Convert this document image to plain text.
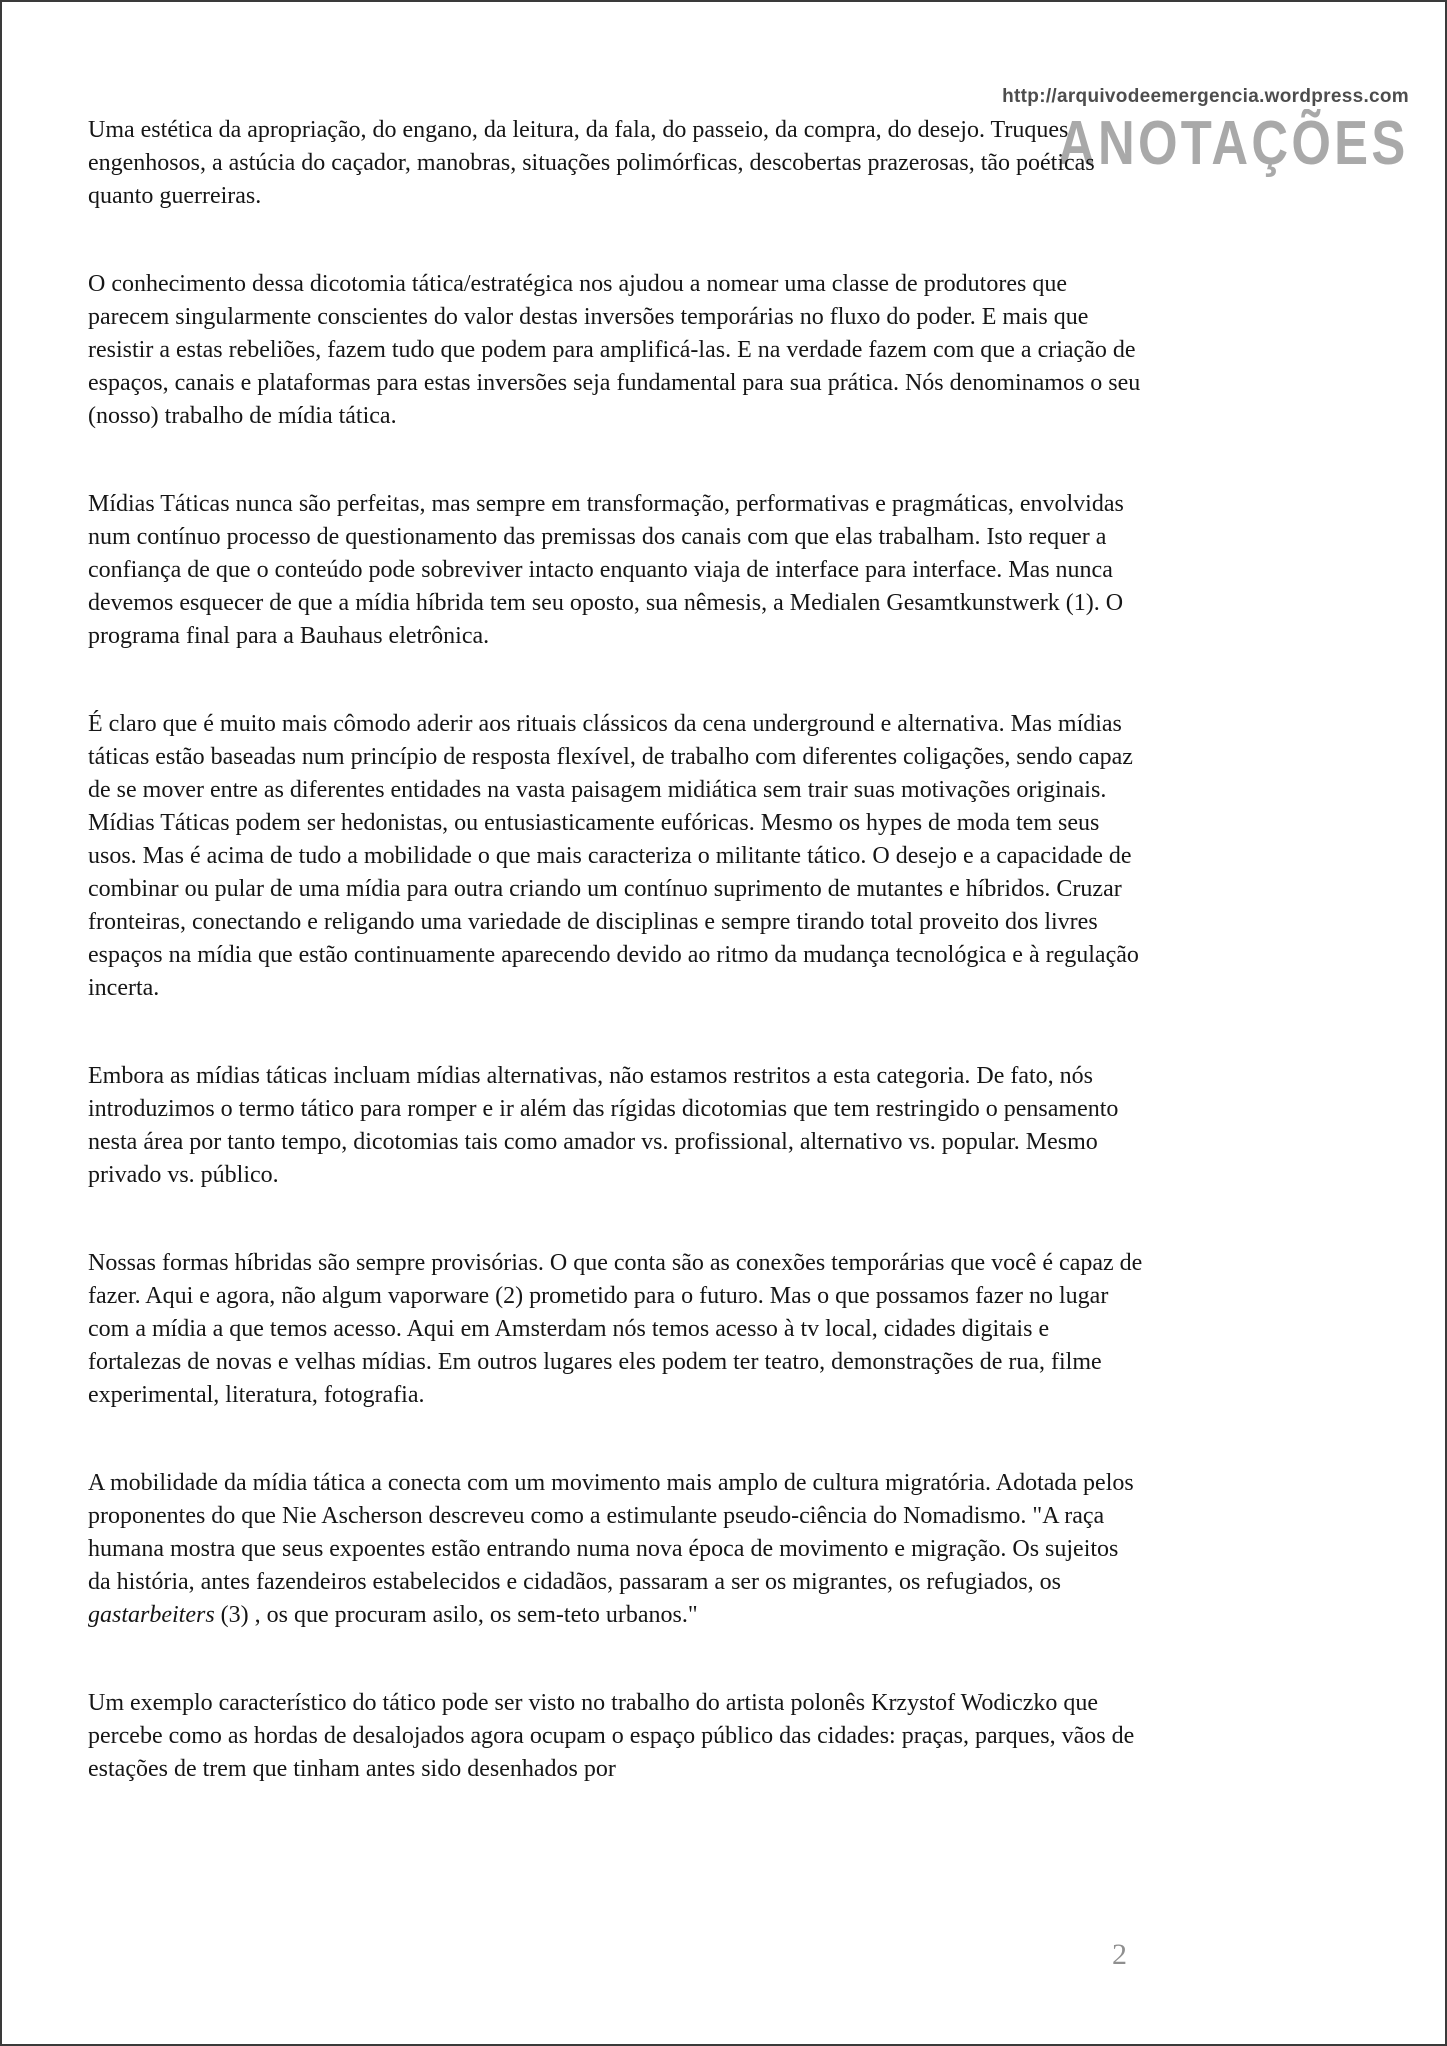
http://arquivodeemergencia.wordpress.com
ANOTAÇÕES

Uma estética da apropriação, do engano, da leitura, da fala, do passeio, da compra, do desejo. Truques engenhosos, a astúcia do caçador, manobras, situações polimórficas, descobertas prazerosas, tão poéticas quanto guerreiras.

O conhecimento dessa dicotomia tática/estratégica nos ajudou a nomear uma classe de produtores que parecem singularmente conscientes do valor destas inversões temporárias no fluxo do poder. E mais que resistir a estas rebeliões, fazem tudo que podem para amplificá-las. E na verdade fazem com que a criação de espaços, canais e plataformas para estas inversões seja fundamental para sua prática. Nós denominamos o seu (nosso) trabalho de mídia tática.

Mídias Táticas nunca são perfeitas, mas sempre em transformação, performativas e pragmáticas, envolvidas num contínuo processo de questionamento das premissas dos canais com que elas trabalham. Isto requer a confiança de que o conteúdo pode sobreviver intacto enquanto viaja de interface para interface. Mas nunca devemos esquecer de que a mídia híbrida tem seu oposto, sua nêmesis, a Medialen Gesamtkunstwerk (1). O programa final para a Bauhaus eletrônica.

É claro que é muito mais cômodo aderir aos rituais clássicos da cena underground e alternativa. Mas mídias táticas estão baseadas num princípio de resposta flexível, de trabalho com diferentes coligações, sendo capaz de se mover entre as diferentes entidades na vasta paisagem midiática sem trair suas motivações originais. Mídias Táticas podem ser hedonistas, ou entusiasticamente eufóricas. Mesmo os hypes de moda tem seus usos. Mas é acima de tudo a mobilidade o que mais caracteriza o militante tático. O desejo e a capacidade de combinar ou pular de uma mídia para outra criando um contínuo suprimento de mutantes e híbridos. Cruzar fronteiras, conectando e religando uma variedade de disciplinas e sempre tirando total proveito dos livres espaços na mídia que estão continuamente aparecendo devido ao ritmo da mudança tecnológica e à regulação incerta.

Embora as mídias táticas incluam mídias alternativas, não estamos restritos a esta categoria. De fato, nós introduzimos o termo tático para romper e ir além das rígidas dicotomias que tem restringido o pensamento nesta área por tanto tempo, dicotomias tais como amador vs. profissional, alternativo vs. popular. Mesmo privado vs. público.

Nossas formas híbridas são sempre provisórias. O que conta são as conexões temporárias que você é capaz de fazer. Aqui e agora, não algum vaporware (2) prometido para o futuro. Mas o que possamos fazer no lugar com a mídia a que temos acesso. Aqui em Amsterdam nós temos acesso à tv local, cidades digitais e fortalezas de novas e velhas mídias. Em outros lugares eles podem ter teatro, demonstrações de rua, filme experimental, literatura, fotografia.

A mobilidade da mídia tática a conecta com um movimento mais amplo de cultura migratória. Adotada pelos proponentes do que Nie Ascherson descreveu como a estimulante pseudo-ciência do Nomadismo. "A raça humana mostra que seus expoentes estão entrando numa nova época de movimento e migração. Os sujeitos da história, antes fazendeiros estabelecidos e cidadãos, passaram a ser os migrantes, os refugiados, os gastarbeiters (3) , os que procuram asilo, os sem-teto urbanos."

Um exemplo característico do tático pode ser visto no trabalho do artista polonês Krzystof Wodiczko que percebe como as hordas de desalojados agora ocupam o espaço público das cidades: praças, parques, vãos de estações de trem que tinham antes sido desenhados por

2
